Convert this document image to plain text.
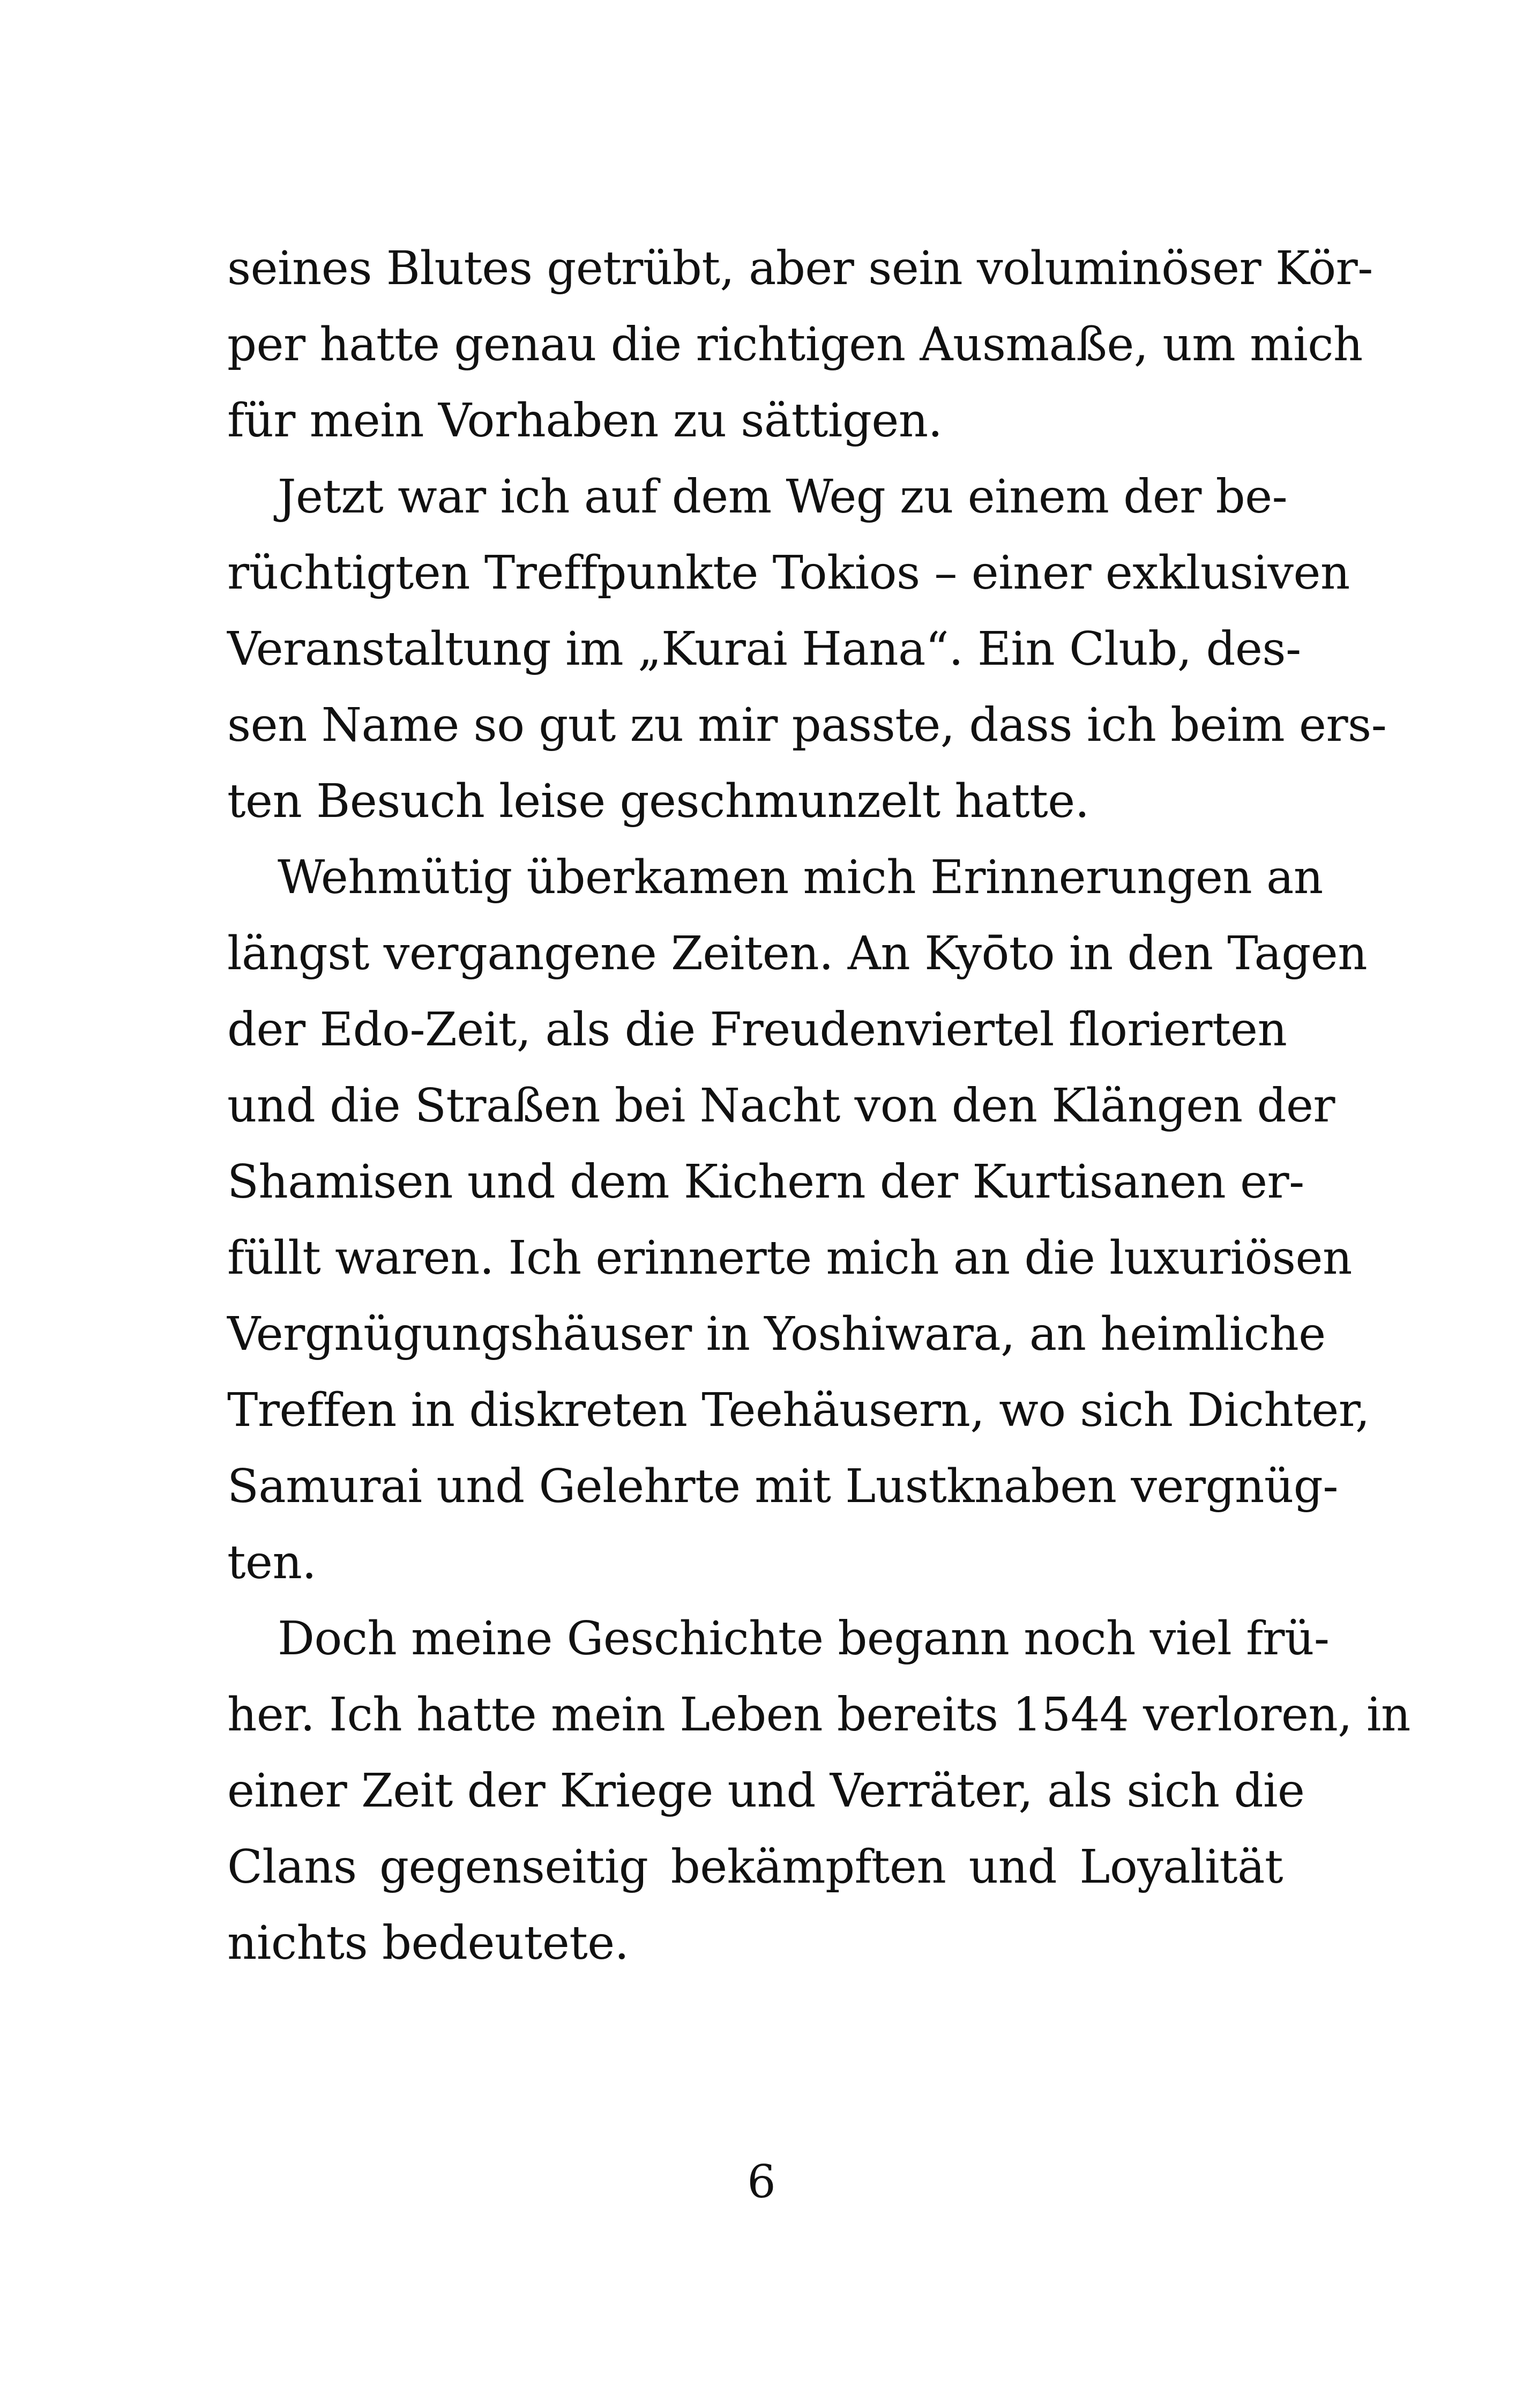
seines Blutes getrübt, aber sein voluminöser Kör-
per hatte genau die richtigen Ausmaße, um mich
für mein Vorhaben zu sättigen.
Jetzt war ich auf dem Weg zu einem der be-
rüchtigten Treffpunkte Tokios – einer exklusiven
Veranstaltung im „Kurai Hana“. Ein Club, des-
sen Name so gut zu mir passte, dass ich beim ers-
ten Besuch leise geschmunzelt hatte.
Wehmütig überkamen mich Erinnerungen an
längst vergangene Zeiten. An Kyōto in den Tagen
der Edo-Zeit, als die Freudenviertel florierten
und die Straßen bei Nacht von den Klängen der
Shamisen und dem Kichern der Kurtisanen er-
füllt waren. Ich erinnerte mich an die luxuriösen
Vergnügungshäuser in Yoshiwara, an heimliche
Treffen in diskreten Teehäusern, wo sich Dichter,
Samurai und Gelehrte mit Lustknaben vergnüg-
ten.
Doch meine Geschichte begann noch viel frü-
her. Ich hatte mein Leben bereits 1544 verloren, in
einer Zeit der Kriege und Verräter, als sich die
Clans gegenseitig bekämpften und Loyalität
nichts bedeutete.
6
